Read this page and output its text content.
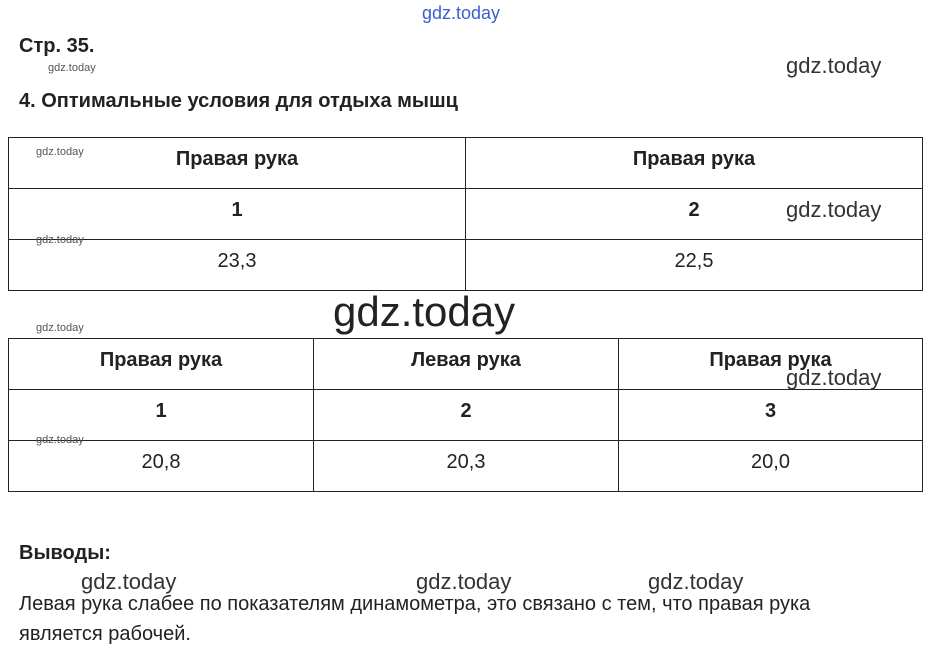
gdz.today
Стр. 35.
gdz.today	gdz.today
4. Оптимальные условия для отдыха мышц
Правая рука	Правая рука
1	2
23,3	22,5
gdz.today
gdz.today
gdz.today
gdz.today
gdz.today
Правая рука	Левая рука	Правая рука
1	2	3
20,8	20,3	20,0
gdz.today
gdz.today
Выводы:
gdz.today	gdz.today	gdz.today
Левая рука слабее по показателям динамометра, это связано с тем, что правая рука является рабочей.
